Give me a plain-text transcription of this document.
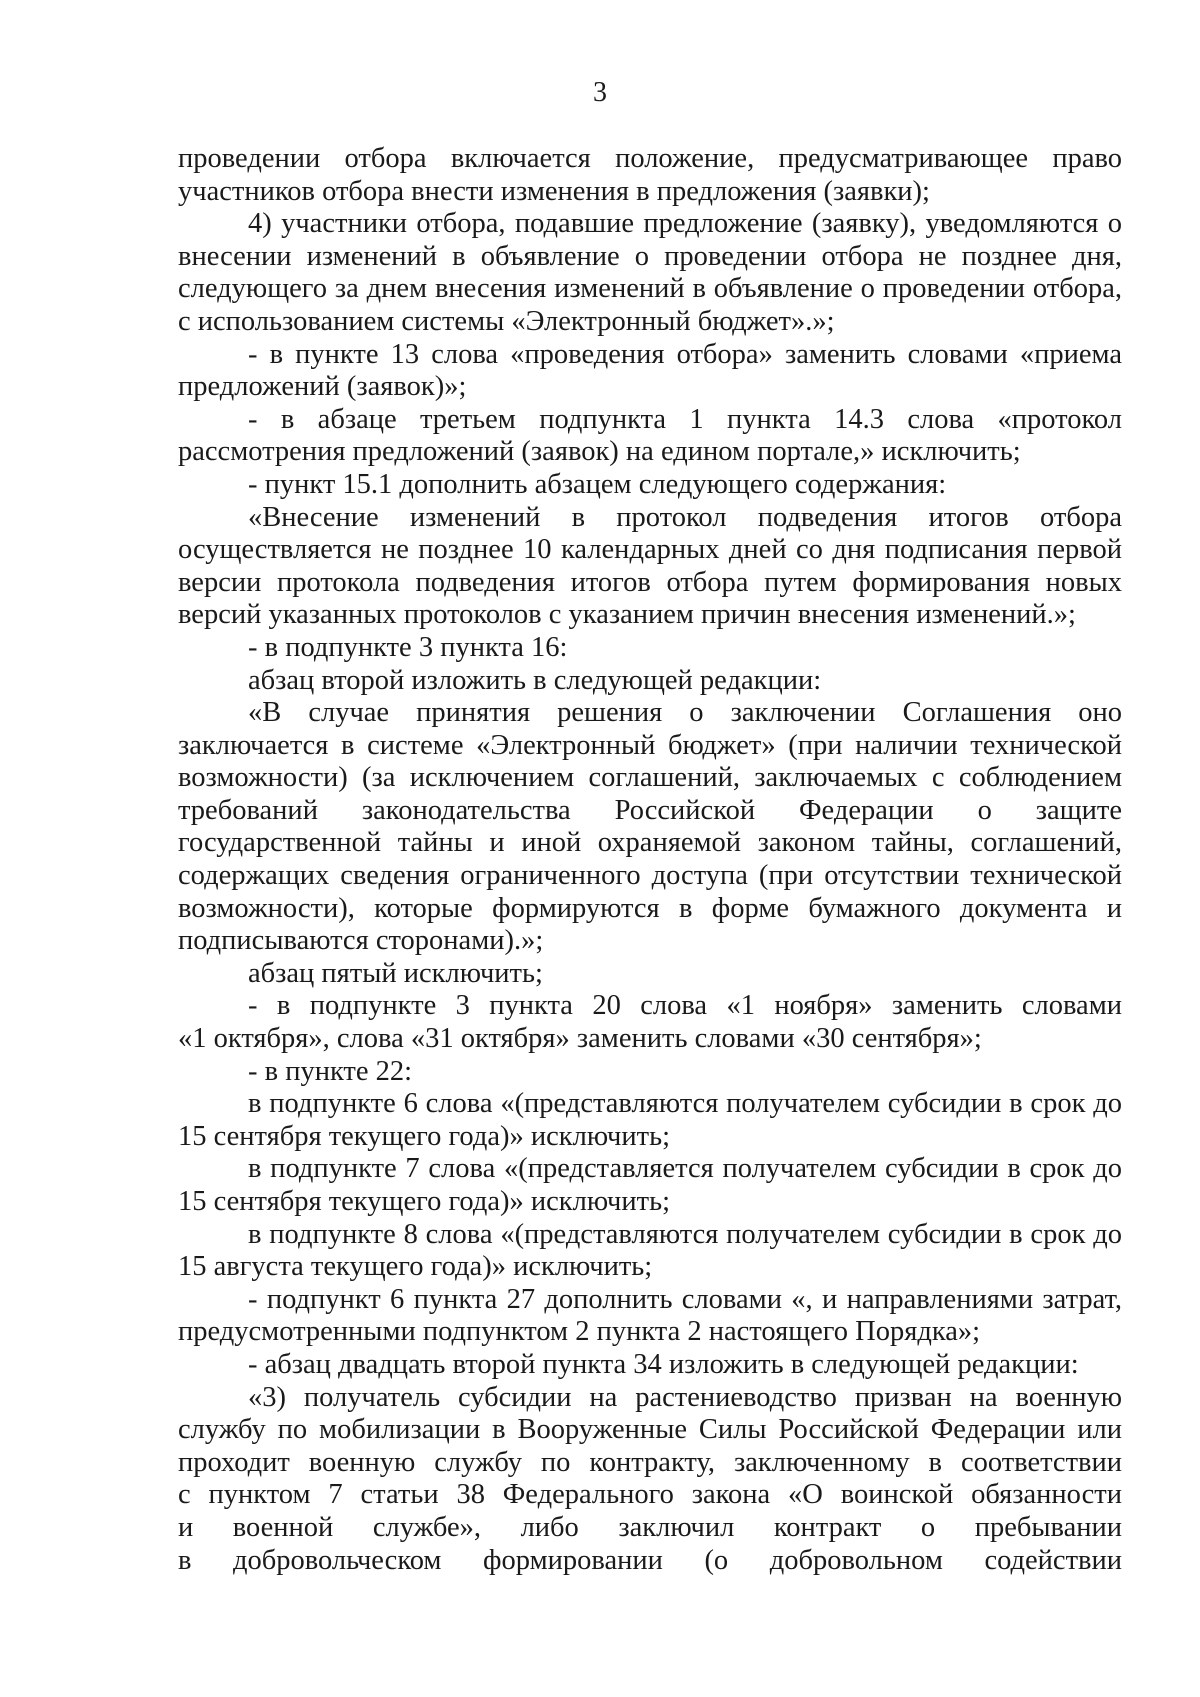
3
проведении отбора включается положение, предусматривающее право
участников отбора внести изменения в предложения (заявки);
4) участники отбора, подавшие предложение (заявку), уведомляются о
внесении изменений в объявление о проведении отбора не позднее дня,
следующего за днем внесения изменений в объявление о проведении отбора,
с использованием системы «Электронный бюджет».»;
- в пункте 13 слова «проведения отбора» заменить словами «приема
предложений (заявок)»;
- в абзаце третьем подпункта 1 пункта 14.3 слова «протокол
рассмотрения предложений (заявок) на едином портале,» исключить;
- пункт 15.1 дополнить абзацем следующего содержания:
«Внесение изменений в протокол подведения итогов отбора
осуществляется не позднее 10 календарных дней со дня подписания первой
версии протокола подведения итогов отбора путем формирования новых
версий указанных протоколов с указанием причин внесения изменений.»;
- в подпункте 3 пункта 16:
абзац второй изложить в следующей редакции:
«В случае принятия решения о заключении Соглашения оно
заключается в системе «Электронный бюджет» (при наличии технической
возможности) (за исключением соглашений, заключаемых с соблюдением
требований законодательства Российской Федерации о защите
государственной тайны и иной охраняемой законом тайны, соглашений,
содержащих сведения ограниченного доступа (при отсутствии технической
возможности), которые формируются в форме бумажного документа и
подписываются сторонами).»;
абзац пятый исключить;
- в подпункте 3 пункта 20 слова «1 ноября» заменить словами
«1 октября», слова «31 октября» заменить словами «30 сентября»;
- в пункте 22:
в подпункте 6 слова «(представляются получателем субсидии в срок до
15 сентября текущего года)» исключить;
в подпункте 7 слова «(представляется получателем субсидии в срок до
15 сентября текущего года)» исключить;
в подпункте 8 слова «(представляются получателем субсидии в срок до
15 августа текущего года)» исключить;
- подпункт 6 пункта 27 дополнить словами «, и направлениями затрат,
предусмотренными подпунктом 2 пункта 2 настоящего Порядка»;
- абзац двадцать второй пункта 34 изложить в следующей редакции:
«3) получатель субсидии на растениеводство призван на военную
службу по мобилизации в Вооруженные Силы Российской Федерации или
проходит военную службу по контракту, заключенному в соответствии
с пунктом 7 статьи 38 Федерального закона «О воинской обязанности
и военной службе», либо заключил контракт о пребывании
в добровольческом формировании (о добровольном содействии
